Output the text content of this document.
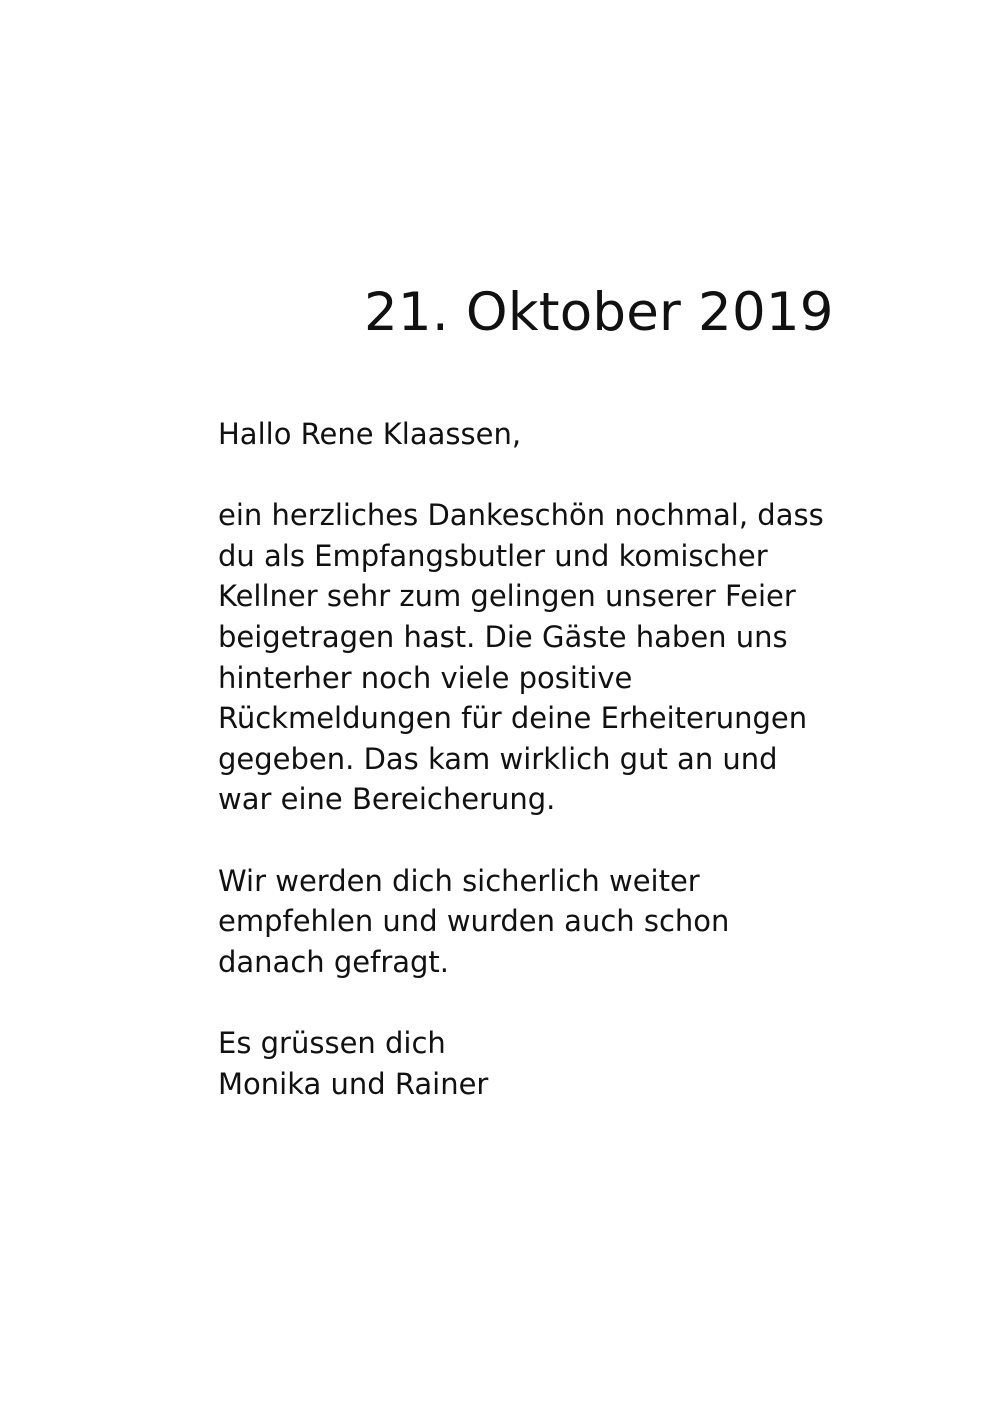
21. Oktober 2019
Hallo Rene Klaassen,
ein herzliches Dankeschön nochmal, dass
du als Empfangsbutler und komischer
Kellner sehr zum gelingen unserer Feier
beigetragen hast. Die Gäste haben uns
hinterher noch viele positive
Rückmeldungen für deine Erheiterungen
gegeben. Das kam wirklich gut an und
war eine Bereicherung.
Wir werden dich sicherlich weiter
empfehlen und wurden auch schon
danach gefragt.
Es grüssen dich
Monika und Rainer
